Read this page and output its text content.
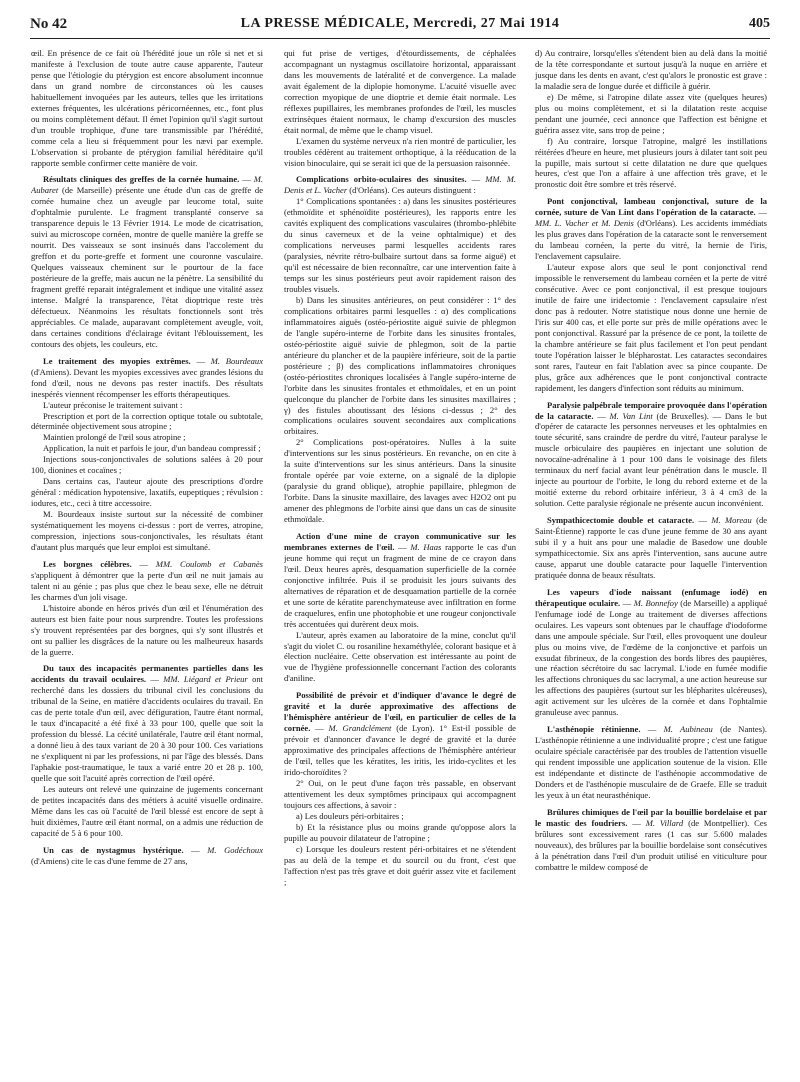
No 42	LA PRESSE MÉDICALE, Mercredi, 27 Mai 1914	405

œil. En présence de ce fait où l'hérédité joue un rôle si net et si manifeste à l'exclusion de toute autre cause apparente, l'auteur pense que l'étiologie du ptérygion est encore absolument inconnue dans un grand nombre de circonstances où les causes habituellement invoquées par les auteurs, telles que les irritations externes fréquentes, les ulcérations péricornéennes, etc., font plus ou moins complètement défaut. Il émet l'opinion qu'il s'agit surtout d'un trouble trophique, d'une tare transmissible par l'hérédité, comme cela a lieu si fréquemment pour les nævi par exemple. L'observation si probante de ptérygion familial héréditaire qu'il rapporte semble confirmer cette manière de voir.

Résultats cliniques des greffes de la cornée humaine. — M. Aubaret (de Marseille) présente une étude d'un cas de greffe de cornée humaine chez un aveugle par leucome total, suite d'ophtalmie purulente. Le fragment transplanté conserve sa transparence depuis le 13 Février 1914. Le mode de cicatrisation, suivi au microscope cornéen, montre de quelle manière la greffe se nourrit. Des vaisseaux se sont insinués dans l'accolement du greffon et du porte-greffe et forment une couronne vasculaire. Quelques vaisseaux cheminent sur le pourtour de la face postérieure de la greffe, mais aucun ne la pénètre. La sensibilité du fragment greffé reparait intégralement et indique une vitalité assez intense. Malgré la transparence, l'état dioptrique reste très défectueux. Néanmoins les résultats fonctionnels sont très appréciables. Ce malade, auparavant complètement aveugle, voit, dans certaines conditions d'éclairage évitant l'éblouissement, les contours des objets, les couleurs, etc.

Le traitement des myopies extrêmes. — M. Bourdeaux (d'Amiens). Devant les myopies excessives avec grandes lésions du fond d'œil, nous ne devons pas rester inactifs. Des résultats inespérés viennent récompenser les efforts thérapeutiques.

L'auteur préconise le traitement suivant :

Prescription et port de la correction optique totale ou subtotale, déterminée objectivement sous atropine ;

Maintien prolongé de l'œil sous atropine ;

Application, la nuit et parfois le jour, d'un bandeau compressif ;

Injections sous-conjonctivales de solutions salées à 20 pour 100, dionines et cocaïnes ;

Dans certains cas, l'auteur ajoute des prescriptions d'ordre général : médication hypotensive, laxatifs, eupeptiques ; révulsion : iodures, etc., ceci à titre accessoire.

M. Bourdeaux insiste surtout sur la nécessité de combiner systématiquement les moyens ci-dessus : port de verres, atropine, compression, injections sous-conjonctivales, les résultats étant d'autant plus marqués que leur emploi est simultané.

Les borgnes célèbres. — MM. Coulomb et Cabanès s'appliquent à démontrer que la perte d'un œil ne nuit jamais au talent ni au génie ; pas plus que chez le beau sexe, elle ne détruit les charmes d'un joli visage.

L'histoire abonde en héros privés d'un œil et l'énumération des auteurs est bien faite pour nous surprendre. Toutes les professions s'y trouvent représentées par des borgnes, qui s'y sont illustrés et ont su pallier les disgrâces de la nature ou les malheureux hasards de la guerre.

Du taux des incapacités permanentes partielles dans les accidents du travail oculaires. — MM. Liégard et Prieur ont recherché dans les dossiers du tribunal civil les conclusions du tribunal de la Seine, en matière d'accidents oculaires du travail. En cas de perte totale d'un œil, avec défiguration, l'autre étant normal, le taux d'incapacité a été fixé à 33 pour 100, quelle que soit la profession du blessé. La cécité unilatérale, l'autre œil étant normal, a donné lieu à des taux variant de 20 à 30 pour 100. Ces variations ne s'expliquent ni par les professions, ni par l'âge des blessés. Dans l'aphakie post-traumatique, le taux a varié entre 20 et 28 p. 100, quelle que soit l'acuité après correction de l'œil opéré.

Les auteurs ont relevé une quinzaine de jugements concernant de petites incapacités dans des métiers à acuité visuelle ordinaire. Même dans les cas où l'acuité de l'œil blessé est encore de sept à huit dixièmes, l'autre œil étant normal, on a admis une réduction de capacité de 5 à 6 pour 100.

Un cas de nystagmus hystérique. — M. Godéchoux (d'Amiens) cite le cas d'une femme de 27 ans,

qui fut prise de vertiges, d'étourdissements, de céphalées accompagnant un nystagmus oscillatoire horizontal, apparaissant dans les mouvements de latéralité et de convergence. La malade avait également de la diplopie homonyme. L'acuité visuelle avec correction myopique de une dioptrie et demie était normale. Les réflexes pupillaires, les membranes profondes de l'œil, les muscles extrinsèques étaient normaux, le champ d'excursion des muscles était normal, de même que le champ visuel.

L'examen du système nerveux n'a rien montré de particulier, les troubles cédèrent au traitement orthoptique, à la rééducation de la vision binoculaire, qui se serait ici que de la persuasion raisonnée.

Complications orbito-oculaires des sinusites. — MM. M. Denis et L. Vacher (d'Orléans). Ces auteurs distinguent :

1° Complications spontanées : a) dans les sinusites postérieures (ethmoïdite et sphénoïdite postérieures), les rapports entre les cavités expliquent des complications vasculaires (thrombo-phlébite du sinus caverneux et de la veine ophtalmique) et des complications nerveuses parmi lesquelles accidents rares (paralysies, névrite rétro-bulbaire surtout dans sa forme aiguë) et qu'il est nécessaire de bien reconnaître, car une intervention faite à temps sur les sinus postérieurs peut avoir rapidement raison des troubles visuels.

b) Dans les sinusites antérieures, on peut considérer : 1° des complications orbitaires parmi lesquelles : α) des complications inflammatoires aiguës (ostéo-périostite aiguë suivie de phlegmon de l'angle supéro-interne de l'orbite dans les sinusites frontales, ostéo-périostite aiguë suivie de phlegmon, soit de la partie antérieure du plancher et de la paupière inférieure, soit de la partie postérieure ; β) des complications inflammatoires chroniques (ostéo-périostites chroniques localisées à l'angle supéro-interne de l'orbite dans les sinusites frontales et ethmoïdales, et en un point quelconque du plancher de l'orbite dans les sinusites maxillaires ; γ) des fistules aboutissant des lésions ci-dessus ; 2° des complications oculaires souvent secondaires aux complications orbitaires.

2° Complications post-opératoires. Nulles à la suite d'interventions sur les sinus postérieurs. En revanche, on en cite à la suite d'interventions sur les sinus antérieurs. Dans la sinusite frontale opérée par voie externe, on a signalé de la diplopie (paralysie du grand oblique), atrophie papillaire, phlegmon de l'orbite. Dans la sinusite maxillaire, des lavages avec H2O2 ont pu amener des phlegmons de l'orbite ainsi que dans un cas de sinusite ethmoïdale.

Action d'une mine de crayon communicative sur les membranes externes de l'œil. — M. Haas rapporte le cas d'un jeune homme qui reçut un fragment de mine de ce crayon dans l'œil. Deux heures après, desquamation superficielle de la cornée conjonctive infiltrée. Puis il se produisit les jours suivants des alternatives de réparation et de desquamation partielle de la cornée et une sorte de kératite parenchymateuse avec infiltration en forme de craquelures, enfin une photophobie et une rougeur conjonctivale très accentuées qui durèrent deux mois.

L'auteur, après examen au laboratoire de la mine, conclut qu'il s'agit du violet C. ou rosaniline hexaméthylée, colorant basique et à élection nucléaire. Cette observation est intéressante au point de vue de l'hygiène professionnelle concernant l'action des colorants d'aniline.

Possibilité de prévoir et d'indiquer d'avance le degré de gravité et la durée approximative des affections de l'hémisphère antérieur de l'œil, en particulier de celles de la cornée. — M. Grandclément (de Lyon). 1° Est-il possible de prévoir et d'annoncer d'avance le degré de gravité et la durée approximative des principales affections de l'hémisphère antérieur de l'œil, telles que les kératites, les iritis, les irido-cyclites et les irido-choroïdites ?

2° Oui, on le peut d'une façon très passable, en observant attentivement les deux symptômes principaux qui accompagnent toujours ces affections, à savoir :

a) Les douleurs péri-orbitaires ;

b) Et la résistance plus ou moins grande qu'oppose alors la pupille au pouvoir dilatateur de l'atropine ;

c) Lorsque les douleurs restent péri-orbitaires et ne s'étendent pas au delà de la tempe et du sourcil ou du front, c'est que l'affection n'est pas très grave et doit guérir assez vite et facilement ;

d) Au contraire, lorsqu'elles s'étendent bien au delà dans la moitié de la tête correspondante et surtout jusqu'à la nuque en arrière et jusque dans les dents en avant, c'est qu'alors le pronostic est grave : la maladie sera de longue durée et difficile à guérir.

e) De même, si l'atropine dilate assez vite (quelques heures) plus ou moins complètement, et si la dilatation reste acquise pendant une journée, ceci annonce que l'affection est bénigne et guérira assez vite, sans trop de peine ;

f) Au contraire, lorsque l'atropine, malgré les instillations réitérées d'heure en heure, met plusieurs jours à dilater tant soit peu la pupille, mais surtout si cette dilatation ne dure que quelques heures, c'est que l'on a affaire à une affection très grave, et le pronostic doit être sombre et très réservé.

Pont conjonctival, lambeau conjonctival, suture de la cornée, suture de Van Lint dans l'opération de la cataracte. — MM. L. Vacher et M. Denis (d'Orléans). Les accidents immédiats les plus graves dans l'opération de la cataracte sont le renversement du lambeau cornéen, la perte du vitré, la hernie de l'iris, l'enclavement capsulaire.

L'auteur expose alors que seul le pont conjonctival rend impossible le renversement du lambeau cornéen et la perte de vitré consécutive. Avec ce pont conjonctival, il est presque toujours inutile de faire une iridectomie : l'enclavement capsulaire n'est donc pas à redouter. Notre statistique nous donne une hernie de l'iris sur 400 cas, et elle porte sur près de mille opérations avec le pont conjonctival. Rassuré par la présence de ce pont, la toilette de la chambre antérieure se fait plus facilement et l'on peut pendant toute l'opération laisser le blépharostat. Les cataractes secondaires sont rares, l'auteur en fait l'ablation avec sa pince coupante. De plus, grâce aux adhérences que le pont conjonctival contracte rapidement, les dangers d'infection sont réduits au minimum.

Paralysie palpébrale temporaire provoquée dans l'opération de la cataracte. — M. Van Lint (de Bruxelles). — Dans le but d'opérer de cataracte les personnes nerveuses et les ophtalmies en toute sécurité, sans craindre de perdre du vitré, l'auteur paralyse le muscle orbiculaire des paupières en injectant une solution de novocaïne-adrénaline à 1 pour 100 dans le voisinage des filets terminaux du nerf facial avant leur pénétration dans le muscle. Il injecte au pourtour de l'orbite, le long du rebord externe et de la moitié externe du rebord orbitaire inférieur, 3 à 4 cm3 de la solution. Cette paralysie régionale ne présente aucun inconvénient.

Sympathicectomie double et cataracte. — M. Moreau (de Saint-Étienne) rapporte le cas d'une jeune femme de 30 ans ayant subi il y a huit ans pour une maladie de Basedow une double sympathicectomie. Six ans après l'intervention, sans aucune autre cause, apparut une double cataracte pour laquelle l'intervention pratiquée donna de beaux résultats.

Les vapeurs d'iode naissant (enfumage iodé) en thérapeutique oculaire. — M. Bonnefoy (de Marseille) a appliqué l'enfumage iodé de Longe au traitement de diverses affections oculaires. Les vapeurs sont obtenues par le chauffage d'iodoforme dans une ampoule spéciale. Sur l'œil, elles provoquent une douleur plus ou moins vive, de l'œdème de la conjonctive et parfois un exsudat fibrineux, de la congestion des bords libres des paupières, une réaction sécrétoire du sac lacrymal. L'iode en fumée modifie les affections chroniques du sac lacrymal, a une action heureuse sur les affections des paupières (surtout sur les blépharites ulcéreuses), agit activement sur les ulcères de la cornée et dans l'ophtalmie granuleuse avec pannus.

L'asthénopie rétinienne. — M. Aubineau (de Nantes). L'asthénopie rétinienne a une individualité propre ; c'est une fatigue oculaire spéciale caractérisée par des troubles de l'attention visuelle qui rendent impossible une application soutenue de la vision. Elle est indépendante et distincte de l'asthénopie accommodative de Donders et de l'asthénopie musculaire de de Graefe. Elle se traduit les yeux à un état neurasthénique.

Brûlures chimiques de l'œil par la bouillie bordelaise et par le mastic des foudriers. — M. Villard (de Montpellier). Ces brûlures sont excessivement rares (1 cas sur 5.600 malades nouveaux), des brûlures par la bouillie bordelaise sont consécutives à la pénétration dans l'œil d'un produit utilisé en viticulture pour combattre le mildew composé de
